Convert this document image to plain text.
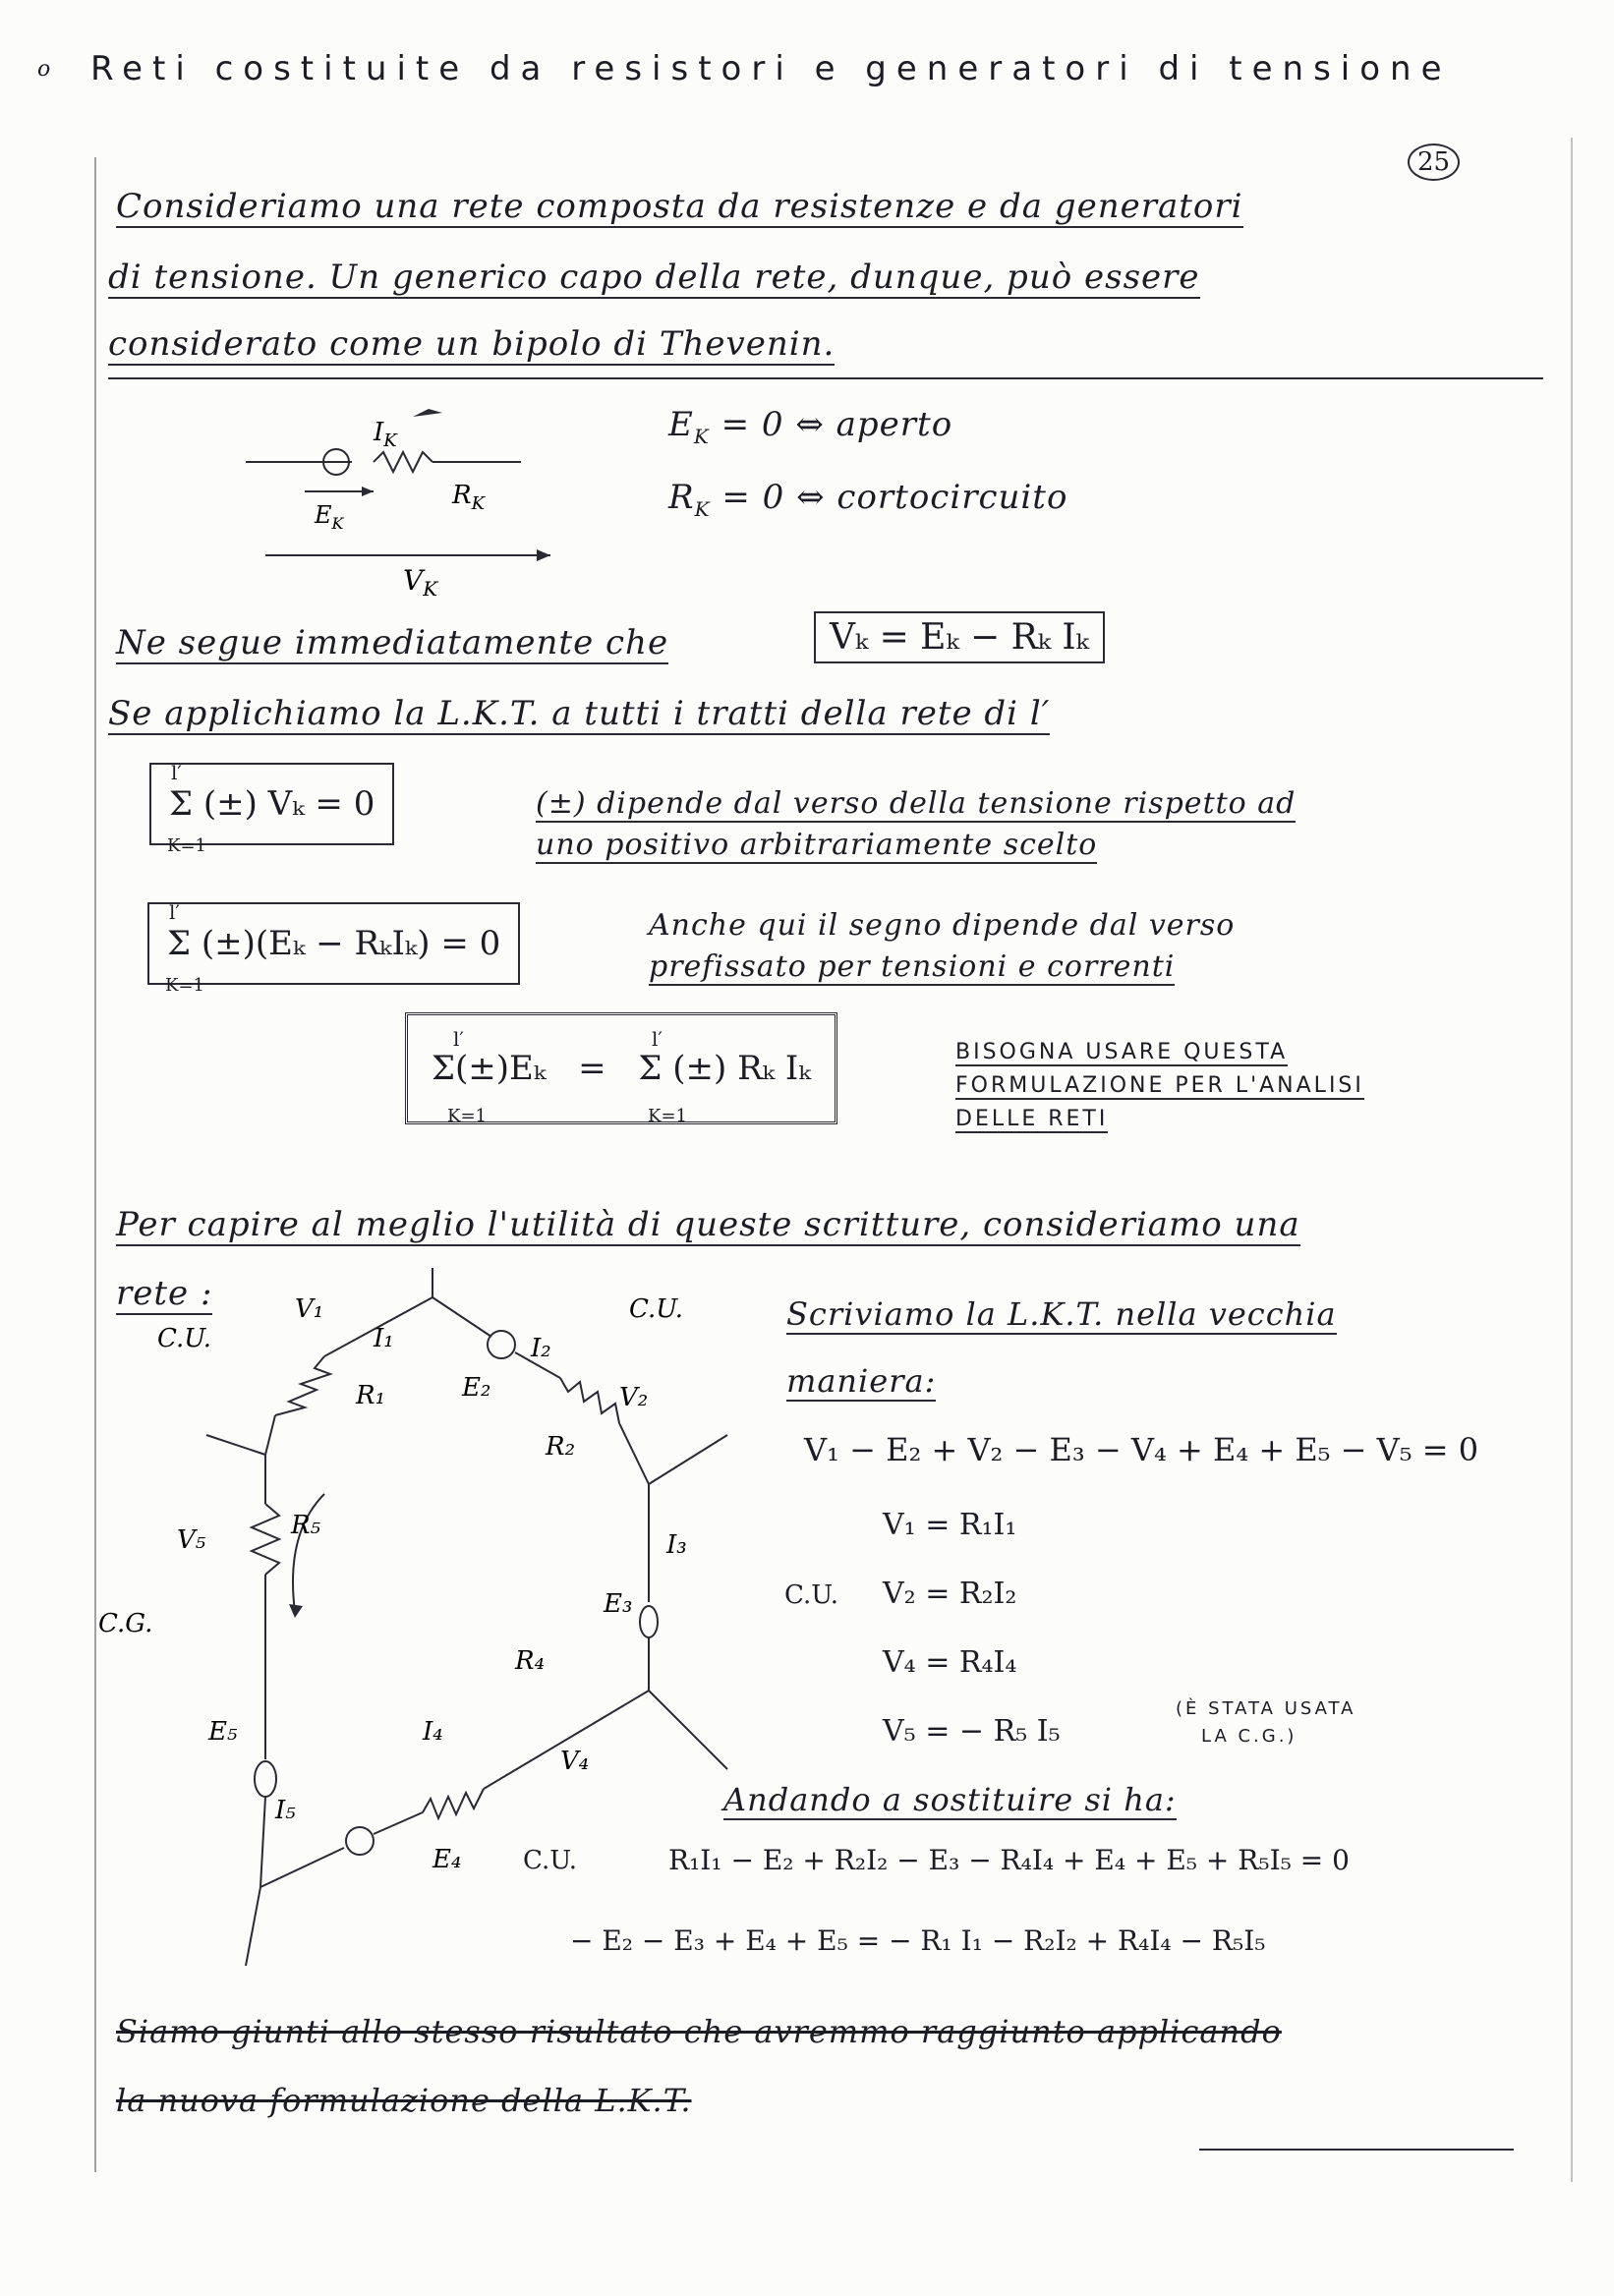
o Reti costituite da resistori e generatori di tensione
25
Consideriamo una rete composta da resistenze e da generatori
di tensione. Un generico capo della rete, dunque, può essere
considerato come un bipolo di Thevenin.
$I_K$
$E_K$
$R_K$
$V_K$
$E_K = 0$ ⇔ aperto
$R_K = 0$ ⇔ cortocircuito
Ne segue immediatamente che	Vₖ = Eₖ − Rₖ Iₖ
Se applichiamo la L.K.T. a tutti i tratti della rete di l′
l′
Σ (±) Vₖ = 0
K=1
(±) dipende dal verso della tensione rispetto ad
uno positivo arbitrariamente scelto
l′
Σ (±)(Eₖ − RₖIₖ) = 0
K=1
Anche qui il segno dipende dal verso
prefissato per tensioni e correnti
l′
Σ(±)Eₖ =
l′
Σ (±) Rₖ Iₖ
K=1	K=1
BISOGNA USARE QUESTA
FORMULAZIONE PER L'ANALISI
DELLE RETI
Per capire al meglio l'utilità di queste scritture, consideriamo una
rete :
C.U.
V₁
I₁
C.U.
I₂
E₂	V₂
R₁
R₂
V₅	R₅
I₃
E₃
C.G.
R₄
E₅	I₄
V₄
I₅
E₄
Scriviamo la L.K.T. nella vecchia
maniera:
V₁ − E₂ + V₂ − E₃ − V₄ + E₄ + E₅ − V₅ = 0
V₁ = R₁I₁
C.U. V₂ = R₂I₂
V₄ = R₄I₄
V₅ = − R₅ I₅
(È STATA USATA
LA C.G.)
Andando a sostituire si ha:
C.U.	R₁I₁ − E₂ + R₂I₂ − E₃ − R₄I₄ + E₄ + E₅ + R₅I₅ = 0
− E₂ − E₃ + E₄ + E₅ = − R₁ I₁ − R₂I₂ + R₄I₄ − R₅I₅
Siamo giunti allo stesso risultato che avremmo raggiunto applicando
la nuova formulazione della L.K.T.
